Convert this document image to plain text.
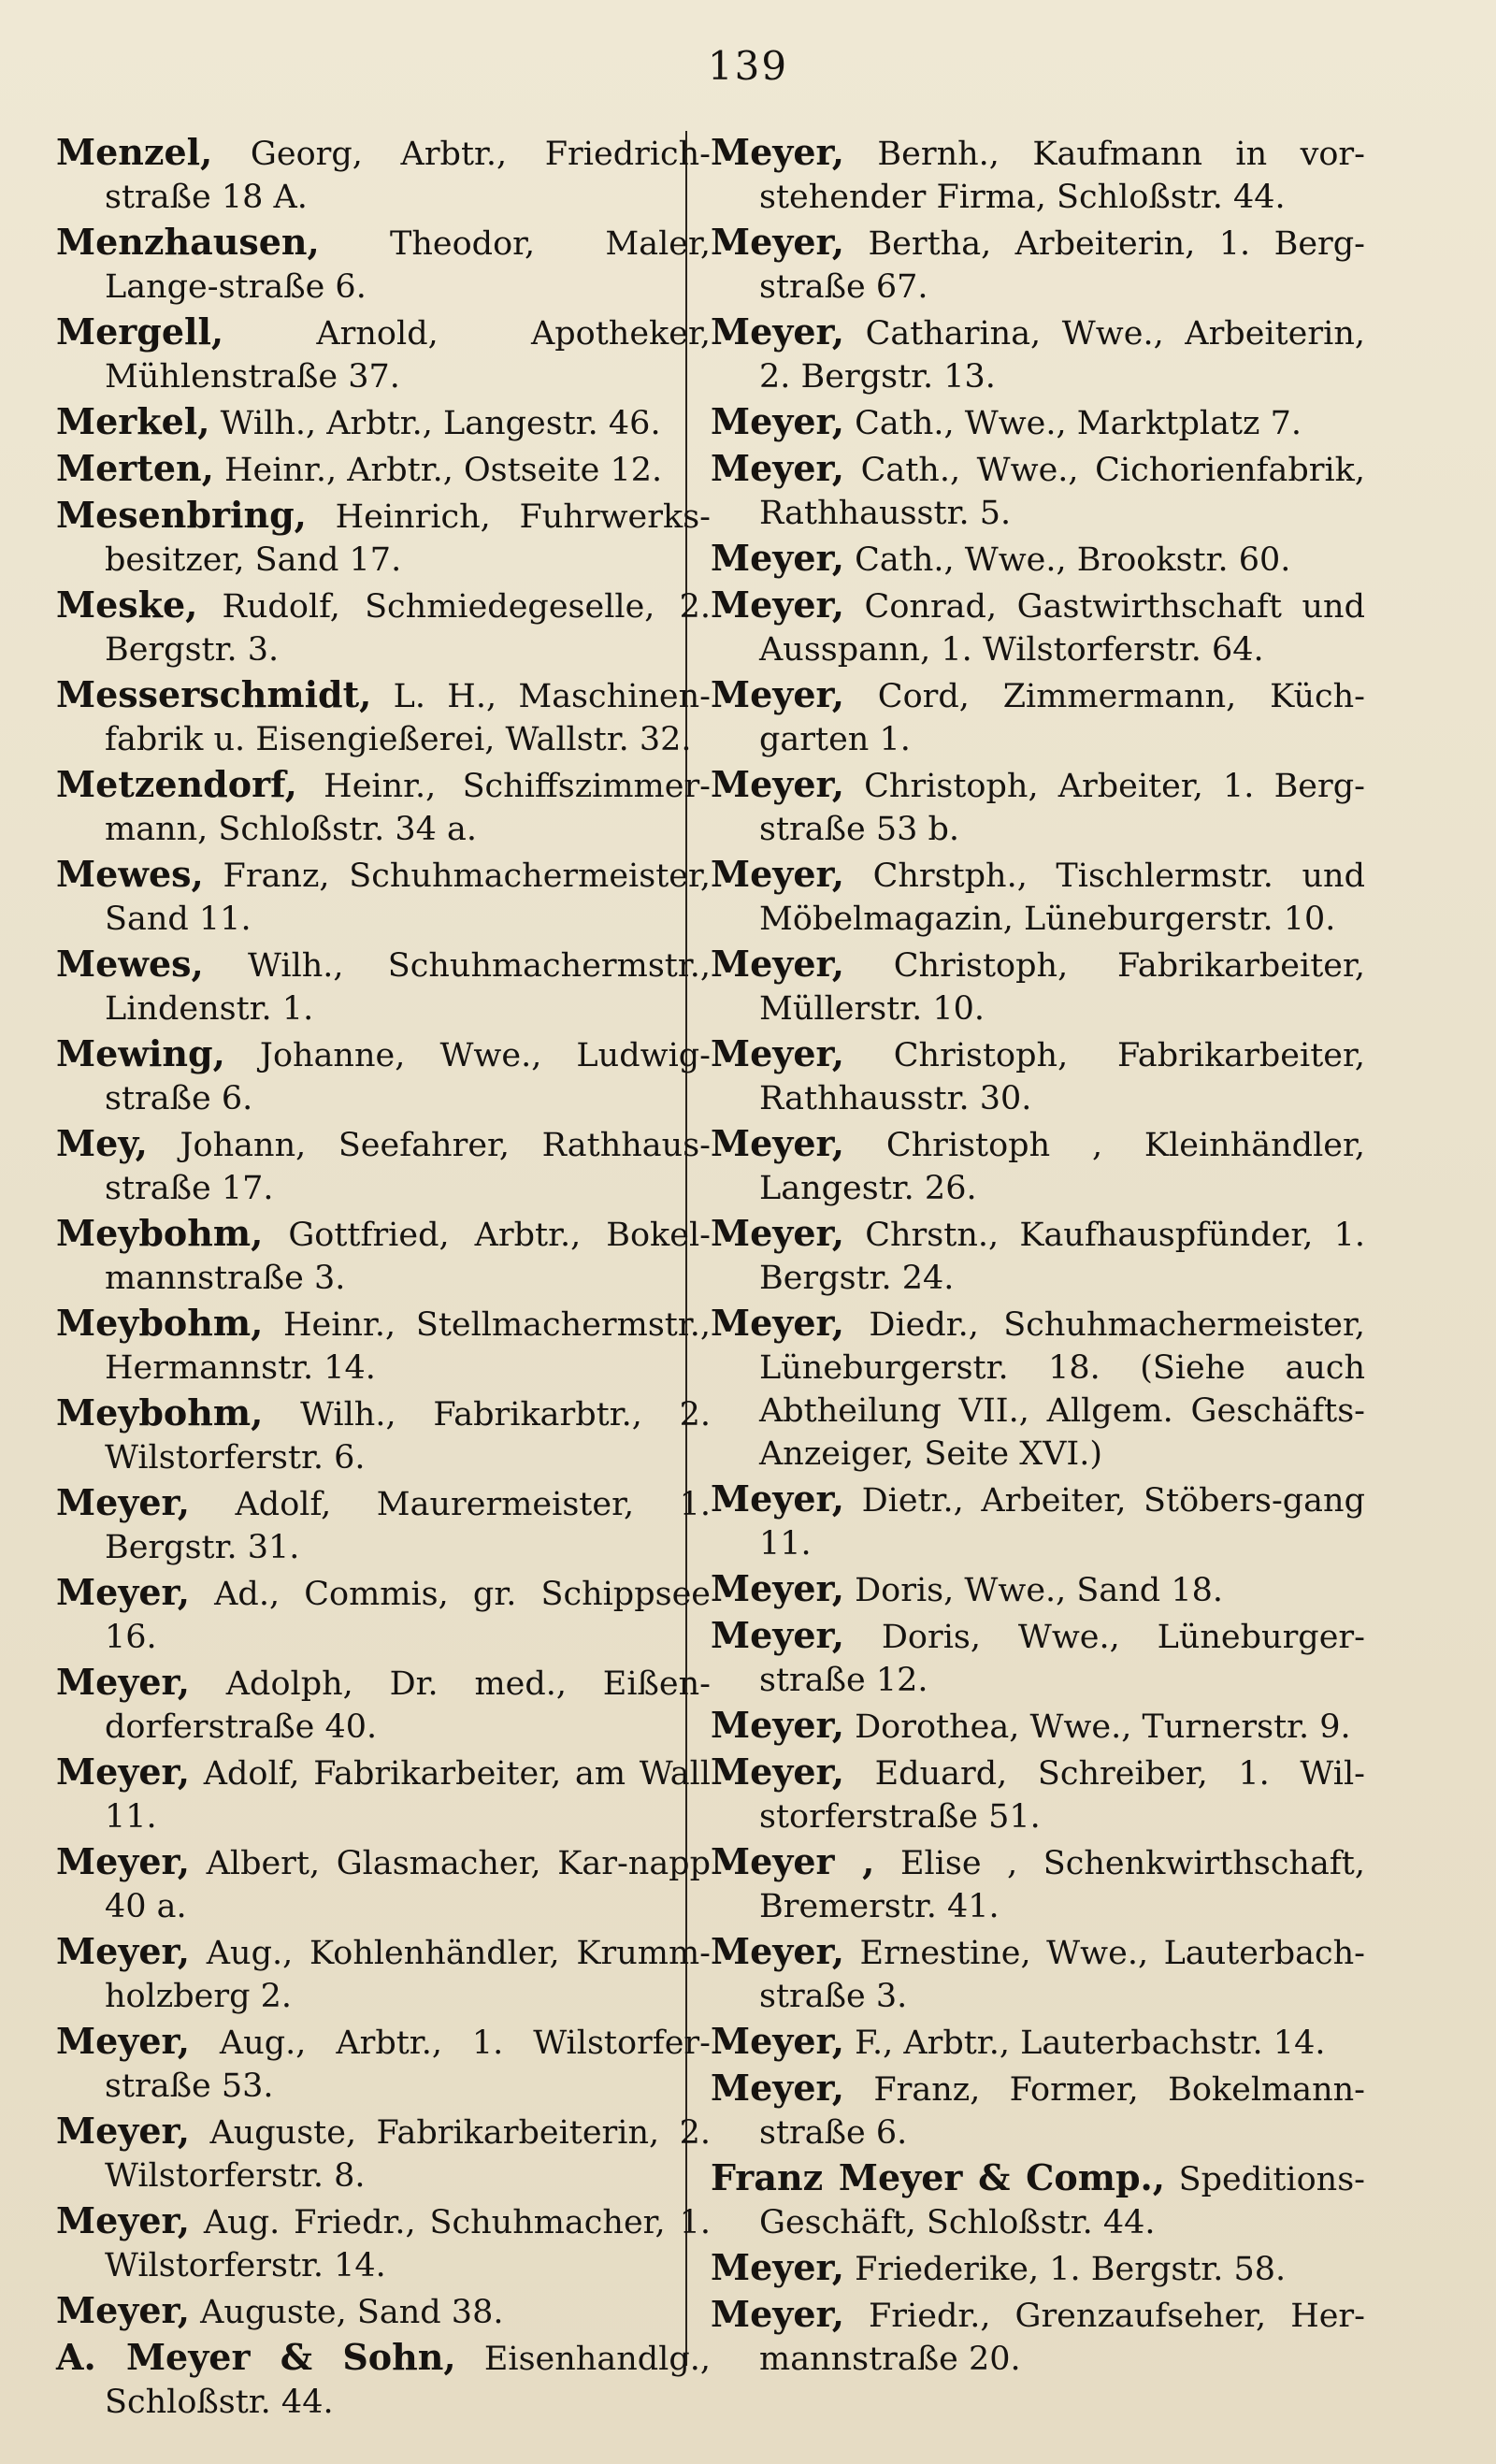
139

Menzel, Georg, Arbtr., Friedrich-straße 18 A.

Menzhausen, Theodor, Maler, Lange-straße 6.

Mergell,	Arnold, Apotheker, Mühlenstraße 37.

Merkel, Wilh., Arbtr., Langestr. 46.

Merten, Heinr., Arbtr., Ostseite 12.

Mesenbring, Heinrich, Fuhrwerks-besitzer, Sand 17.

Meske, Rudolf, Schmiedegeselle, 2. Bergstr. 3.

Messerschmidt, L. H., Maschinen-fabrik u. Eisengießerei, Wallstr. 32.

Metzendorf, Heinr., Schiffszimmer-mann, Schloßstr. 34 a.

Mewes, Franz, Schuhmachermeister, Sand 11.

Mewes, Wilh., Schuhmachermstr., Lindenstr. 1.

Mewing, Johanne, Wwe., Ludwig-straße 6.

Mey, Johann, Seefahrer, Rathhaus-straße 17.

Meybohm, Gottfried, Arbtr., Bokel-mannstraße 3.

Meybohm, Heinr., Stellmachermstr., Hermannstr. 14.

Meybohm, Wilh., Fabrikarbtr., 2. Wilstorferstr. 6.

Meyer, Adolf, Maurermeister, 1. Bergstr. 31.

Meyer, Ad., Commis, gr. Schippsee 16.

Meyer, Adolph, Dr. med., Eißen-dorferstraße 40.

Meyer, Adolf, Fabrikarbeiter, am Wall 11.

Meyer, Albert, Glasmacher, Kar-napp 40 a.

Meyer, Aug., Kohlenhändler, Krumm-holzberg 2.

Meyer, Aug., Arbtr., 1. Wilstorfer-straße 53.

Meyer, Auguste, Fabrikarbeiterin, 2. Wilstorferstr. 8.

Meyer, Aug. Friedr., Schuhmacher, 1. Wilstorferstr. 14.

Meyer, Auguste, Sand 38.

A. Meyer & Sohn, Eisenhandlg., Schloßstr. 44.

Meyer, Bernh., Kaufmann in vor-stehender Firma, Schloßstr. 44.

Meyer, Bertha, Arbeiterin, 1. Berg-straße 67.

Meyer, Catharina, Wwe., Arbeiterin, 2. Bergstr. 13.

Meyer, Cath., Wwe., Marktplatz 7.

Meyer, Cath., Wwe., Cichorienfabrik, Rathhausstr. 5.

Meyer, Cath., Wwe., Brookstr. 60.

Meyer, Conrad, Gastwirthschaft und Ausspann, 1. Wilstorferstr. 64.

Meyer, Cord, Zimmermann, Küch-garten 1.

Meyer, Christoph, Arbeiter, 1. Berg-straße 53 b.

Meyer, Chrstph., Tischlermstr. und Möbelmagazin, Lüneburgerstr. 10.

Meyer, Christoph, Fabrikarbeiter, Müllerstr. 10.

Meyer, Christoph, Fabrikarbeiter, Rathhausstr. 30.

Meyer, Christoph , Kleinhändler, Langestr. 26.

Meyer, Chrstn., Kaufhauspfünder, 1. Bergstr. 24.

Meyer, Diedr., Schuhmachermeister, Lüneburgerstr. 18. (Siehe auch Abtheilung VII., Allgem. Geschäfts-Anzeiger, Seite XVI.)

Meyer, Dietr., Arbeiter, Stöbers-gang 11.

Meyer, Doris, Wwe., Sand 18.

Meyer, Doris, Wwe., Lüneburger-straße 12.

Meyer, Dorothea, Wwe., Turnerstr. 9.

Meyer, Eduard, Schreiber, 1. Wil-storferstraße 51.

Meyer , Elise , Schenkwirthschaft, Bremerstr. 41.

Meyer, Ernestine, Wwe., Lauterbach-straße 3.

Meyer, F., Arbtr., Lauterbachstr. 14.

Meyer, Franz, Former, Bokelmann-straße 6.

Franz Meyer & Comp., Speditions-Geschäft, Schloßstr. 44.

Meyer, Friederike, 1. Bergstr. 58.

Meyer, Friedr., Grenzaufseher, Her-mannstraße 20.
